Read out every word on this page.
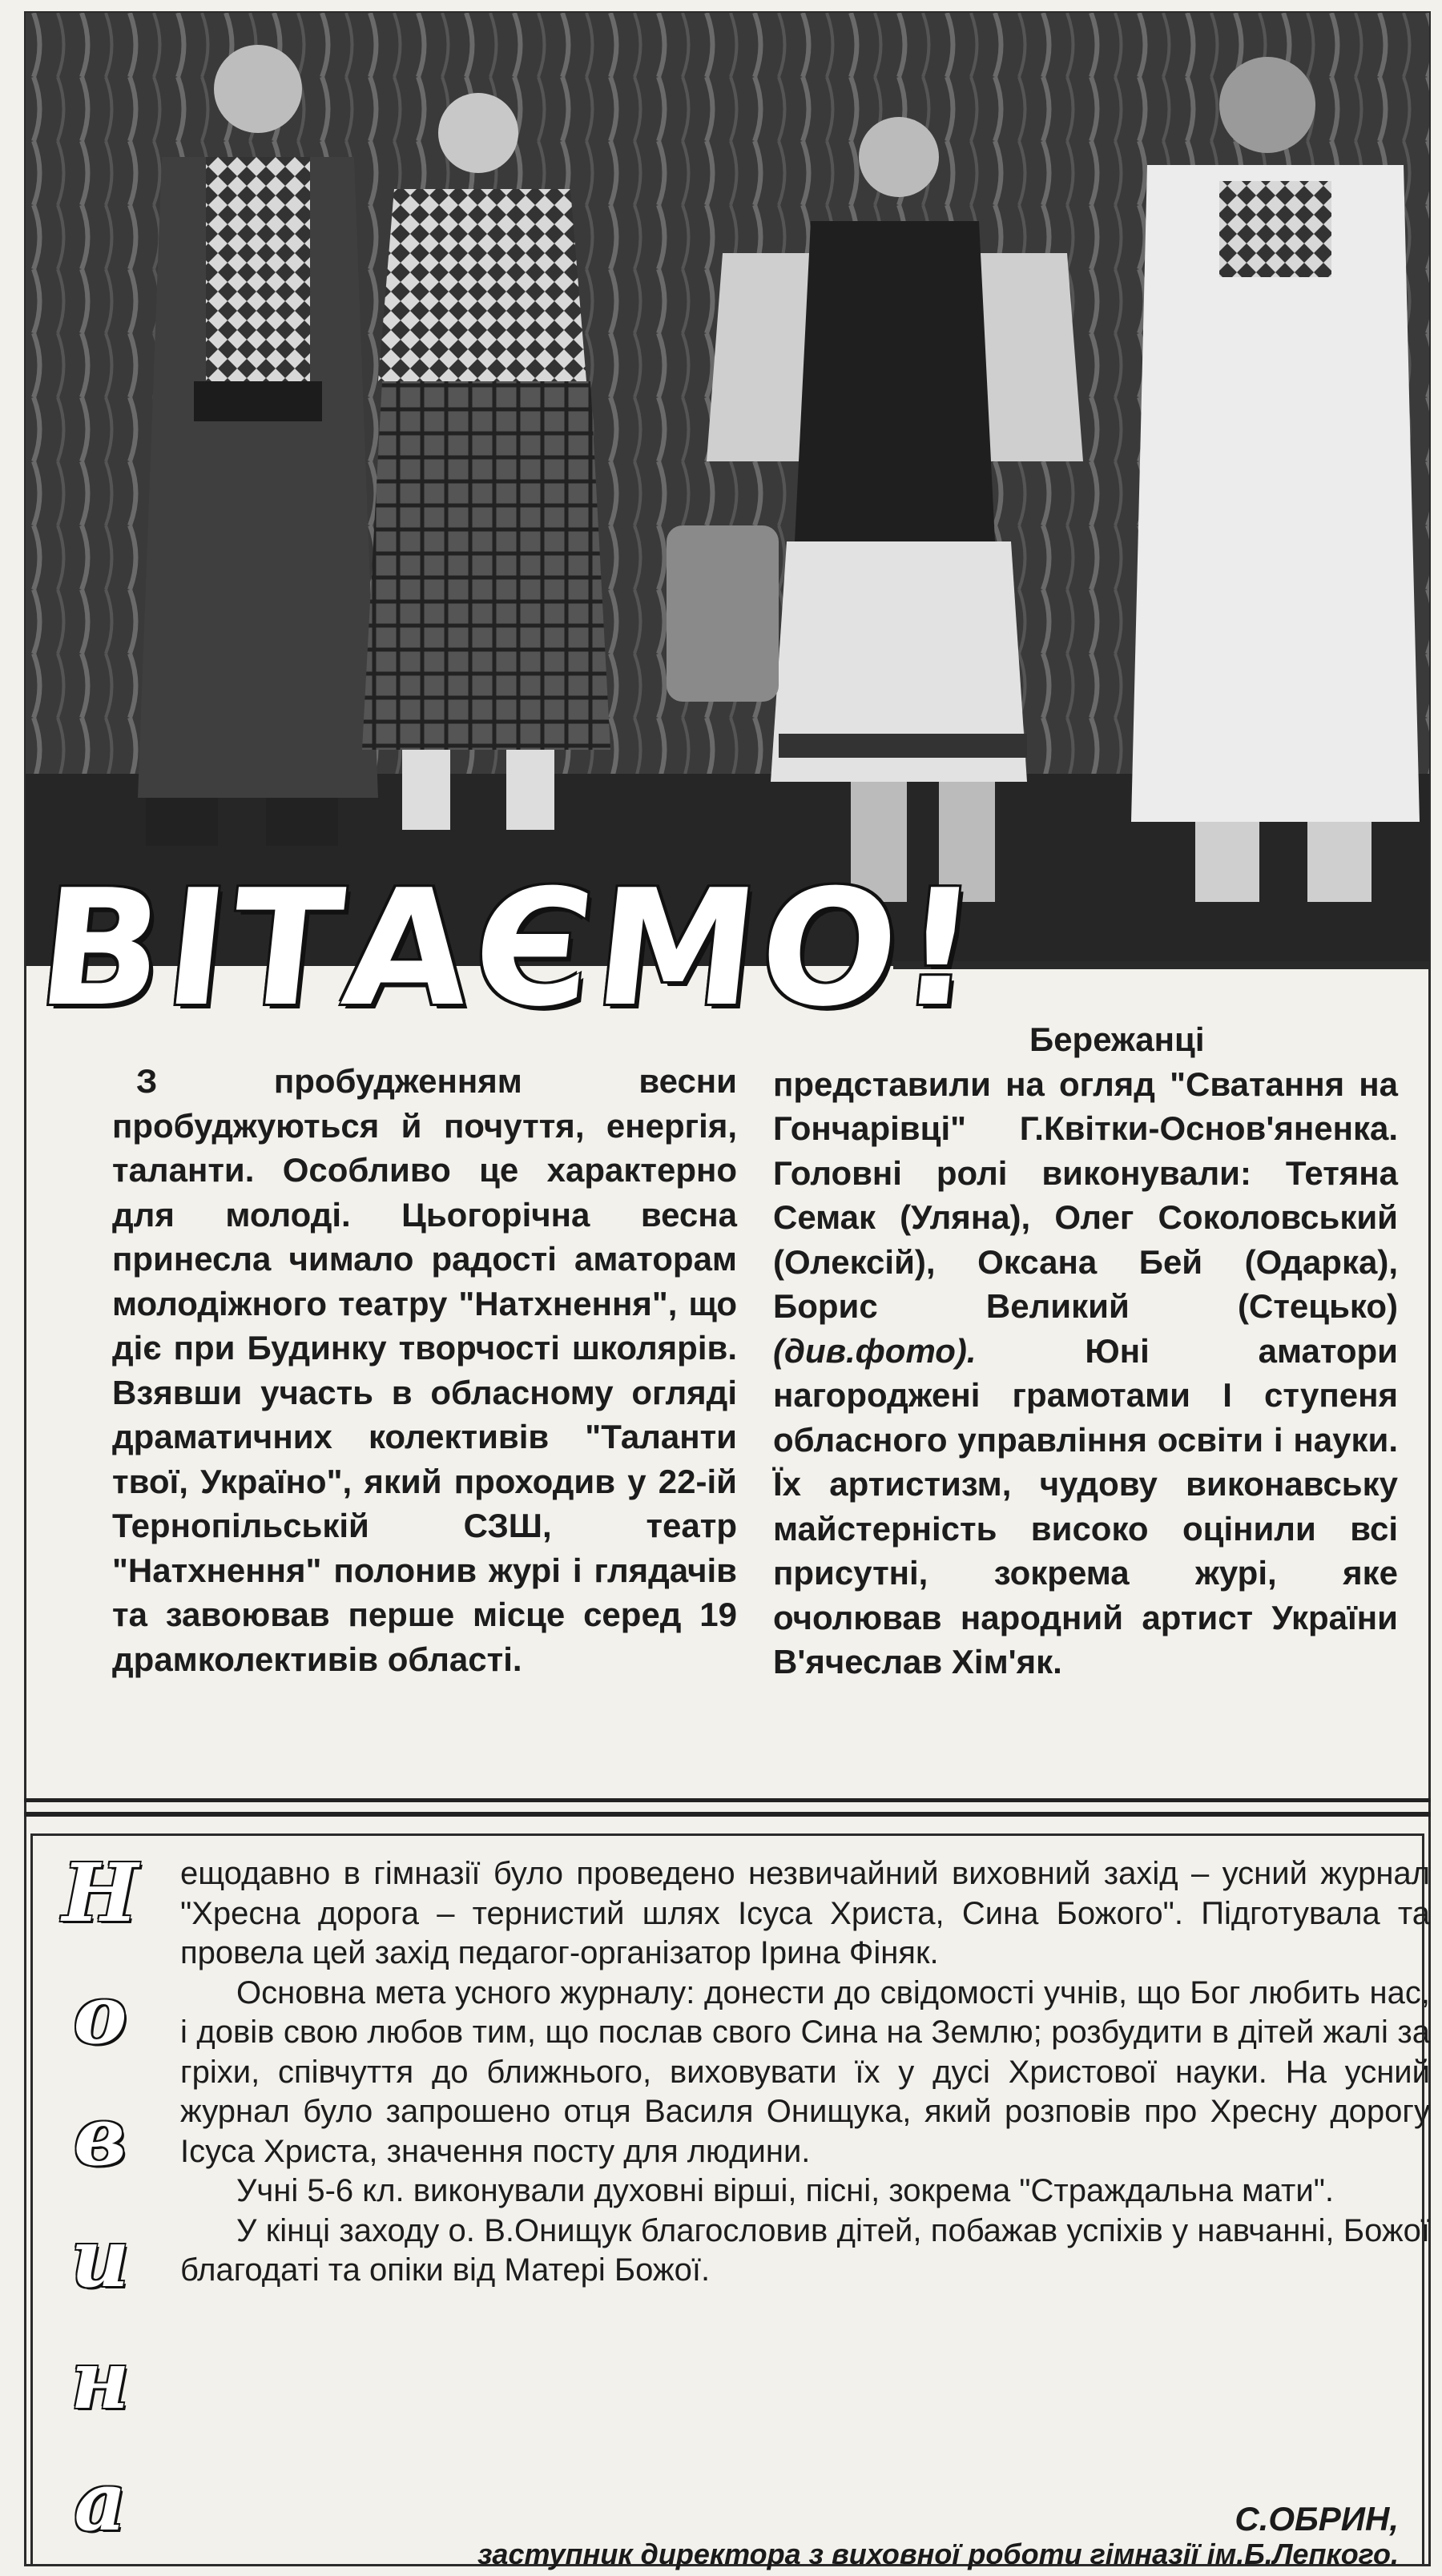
ВІТАЄМО!

З пробудженням весни пробуджуються й почуття, енергія, таланти. Особливо це характерно для молоді. Цьогорічна весна принесла чимало радості аматорам молодіжного театру "Натхнення", що діє при Будинку творчості школярів. Взявши участь в обласному огляді драматичних колективів "Таланти твої, Україно", який проходив у 22-ій Тернопільській СЗШ, театр "Натхнення" полонив журі і глядачів та завоював перше місце серед 19 драмколективів області.

Бережанці представили на огляд "Сватання на Гончарівці" Г.Квітки-Основ'яненка. Головні ролі виконували: Тетяна Семак (Уляна), Олег Соколовський (Олексій), Оксана Бей (Одарка), Борис Великий (Стецько) (див.фото). Юні аматори нагороджені грамотами І ступеня обласного управління освіти і науки. Їх артистизм, чудову виконавську майстерність високо оцінили всі присутні, зокрема журі, яке очолював народний артист України В'ячеслав Хім'як.

Н
о
в
и
н
а

ещодавно в гімназії було проведено незвичайний виховний захід – усний журнал "Хресна дорога – тернистий шлях Ісуса Христа, Сина Божого". Підготувала та провела цей захід педагог-організатор Ірина Фіняк.

Основна мета усного журналу: донести до свідомості учнів, що Бог любить нас, і довів свою любов тим, що послав свого Сина на Землю; розбудити в дітей жалі за гріхи, співчуття до ближнього, виховувати їх у дусі Христової науки. На усний журнал було запрошено отця Василя Онищука, який розповів про Хресну дорогу Ісуса Христа, значення посту для людини.

Учні 5-6 кл. виконували духовні вірші, пісні, зокрема "Страждальна мати".

У кінці заходу о. В.Онищук благословив дітей, побажав успіхів у навчанні, Божої благодаті та опіки від Матері Божої.

С.ОБРИН,
заступник директора з виховної роботи гімназії ім.Б.Лепкого.
